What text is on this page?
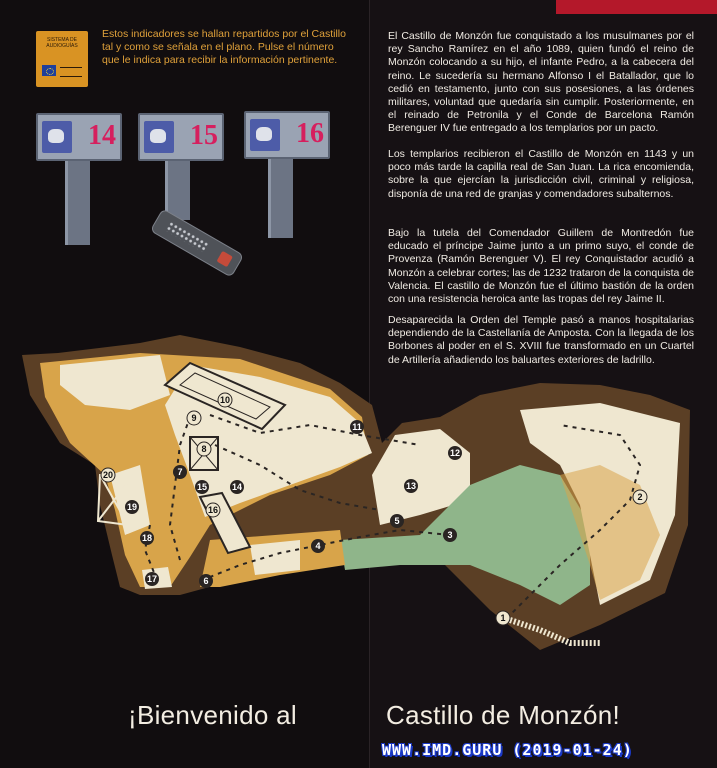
SISTEMA DE AUDIOGUÍAS
Estos indicadores se hallan repartidos por el Castillo tal y como se señala en el plano. Pulse el número que le indica para recibir la información pertinente.
14	15	16
El Castillo de Monzón fue conquistado a los musulmanes por el rey Sancho Ramírez en el año 1089, quien fundó el reino de Monzón colocando a su hijo, el infante Pedro, a la cabecera del reino. Le sucedería su hermano Alfonso I el Batallador, que lo cedió en testamento, junto con sus posesiones, a las órdenes militares, voluntad que quedaría sin cumplir. Posteriormente, en el reinado de Petronila y el Conde de Barcelona Ramón Berenguer IV fue entregado a los templarios por un pacto.
Los templarios recibieron el Castillo de Monzón en 1143 y un poco más tarde la capilla real de San Juan. La rica encomienda, sobre la que ejercían la jurisdicción civil, criminal y religiosa, disponía de una red de granjas y comendadores subalternos.
Bajo la tutela del Comendador Guillem de Montredón fue educado el príncipe Jaime junto a un primo suyo, el conde de Provenza (Ramón Berenguer V). El rey Conquistador acudió a Monzón a celebrar cortes; las de 1232 trataron de la conquista de Valencia. El castillo de Monzón fue el último bastión de la orden con una resistencia heroica ante las tropas del rey Jaime II.
Desaparecida la Orden del Temple pasó a manos hospitalarias dependiendo de la Castellanía de Amposta. Con la llegada de los Borbones al poder en el S. XVIII fue transformado en un Cuartel de Artillería añadiendo los baluartes exteriores de ladrillo.
1
2
3
4
5
6
7
8
9
10
11
12
13
14
15
16
17
18
19
20
¡Bienvenido al	Castillo de Monzón!
WWW.IMD.GURU (2019-01-24)
